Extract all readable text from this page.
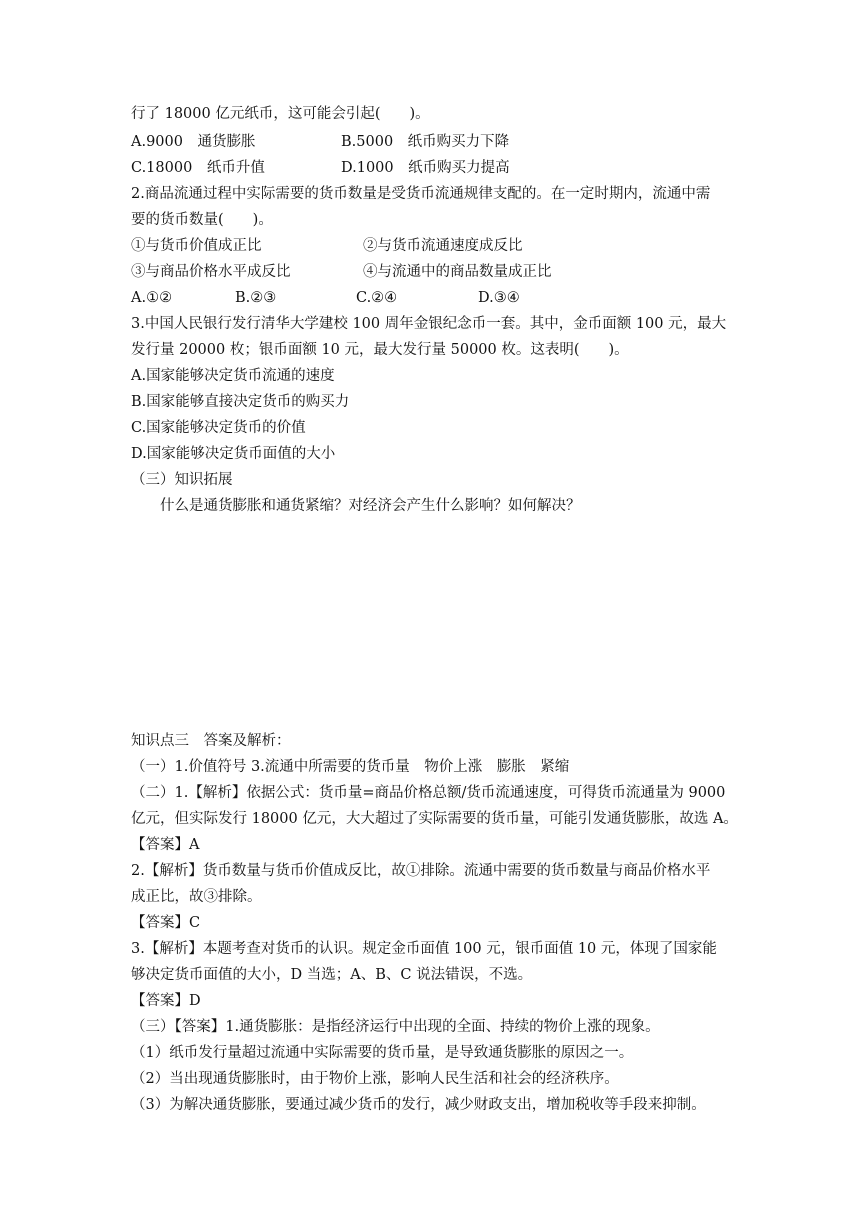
行了 18000 亿元纸币，这可能会引起(　　)。
A.9000　通货膨胀	B.5000　纸币购买力下降
C.18000　纸币升值	D.1000　纸币购买力提高
2.商品流通过程中实际需要的货币数量是受货币流通规律支配的。在一定时期内，流通中需
要的货币数量(　　)。
①与货币价值成正比	②与货币流通速度成反比
③与商品价格水平成反比	④与流通中的商品数量成正比
A.①②	B.②③	C.②④	D.③④
3.中国人民银行发行清华大学建校 100 周年金银纪念币一套。其中，金币面额 100 元，最大
发行量 20000 枚；银币面额 10 元，最大发行量 50000 枚。这表明(　　)。
A.国家能够决定货币流通的速度
B.国家能够直接决定货币的购买力
C.国家能够决定货币的价值
D.国家能够决定货币面值的大小
（三）知识拓展
什么是通货膨胀和通货紧缩？对经济会产生什么影响？如何解决？
知识点三　答案及解析：
（一）1.价值符号 3.流通中所需要的货币量　物价上涨　膨胀　紧缩
（二）1.【解析】依据公式：货币量=商品价格总额/货币流通速度，可得货币流通量为 9000
亿元，但实际发行 18000 亿元，大大超过了实际需要的货币量，可能引发通货膨胀，故选 A。
【答案】A
2.【解析】货币数量与货币价值成反比，故①排除。流通中需要的货币数量与商品价格水平
成正比，故③排除。
【答案】C
3.【解析】本题考查对货币的认识。规定金币面值 100 元，银币面值 10 元，体现了国家能
够决定货币面值的大小，D 当选；A、B、C 说法错误，不选。
【答案】D
（三）【答案】1.通货膨胀：是指经济运行中出现的全面、持续的物价上涨的现象。
（1）纸币发行量超过流通中实际需要的货币量，是导致通货膨胀的原因之一。
（2）当出现通货膨胀时，由于物价上涨，影响人民生活和社会的经济秩序。
（3）为解决通货膨胀，要通过减少货币的发行，减少财政支出，增加税收等手段来抑制。
